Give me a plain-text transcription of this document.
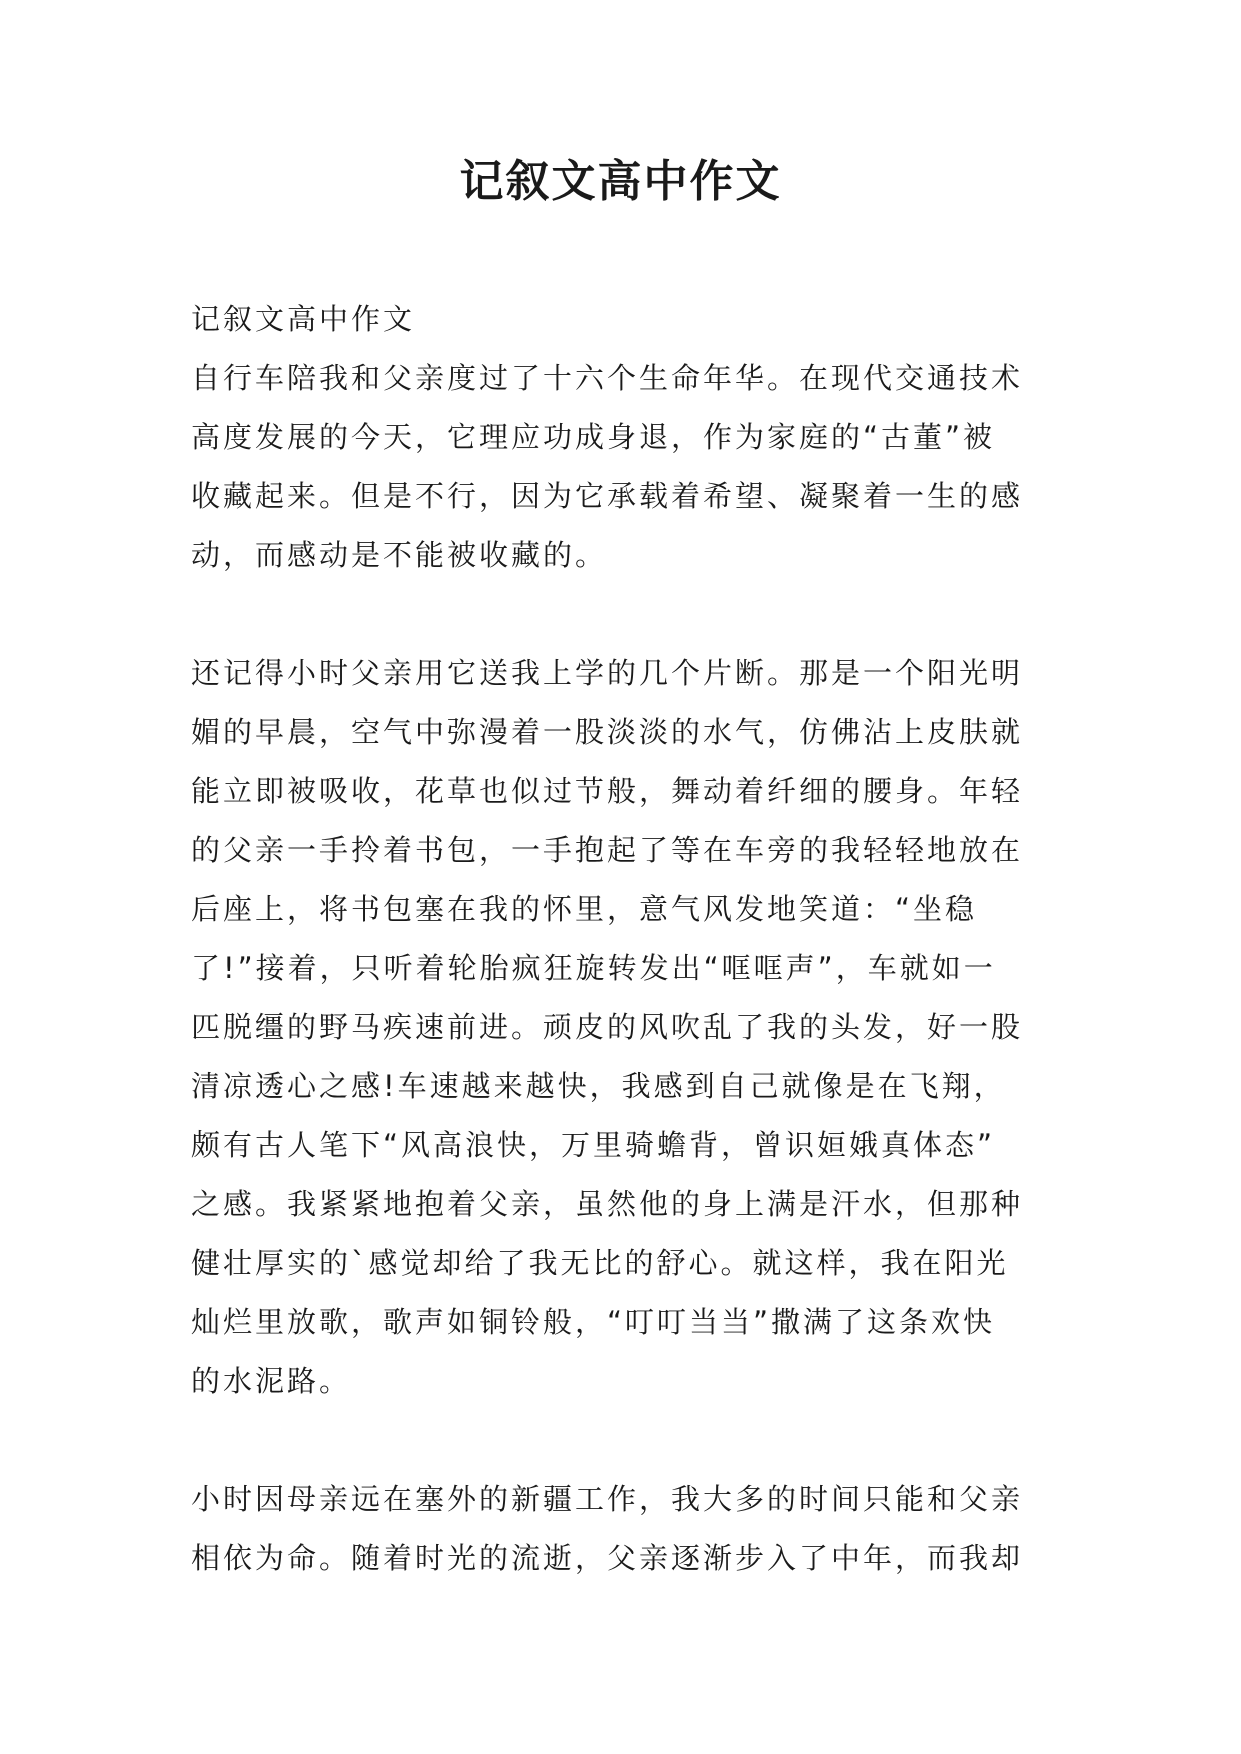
记叙文高中作文
记叙文高中作文
自行车陪我和父亲度过了十六个生命年华。在现代交通技术
高度发展的今天，它理应功成身退，作为家庭的“古董”被
收藏起来。但是不行，因为它承载着希望、凝聚着一生的感
动，而感动是不能被收藏的。
还记得小时父亲用它送我上学的几个片断。那是一个阳光明
媚的早晨，空气中弥漫着一股淡淡的水气，仿佛沾上皮肤就
能立即被吸收，花草也似过节般，舞动着纤细的腰身。年轻
的父亲一手拎着书包，一手抱起了等在车旁的我轻轻地放在
后座上，将书包塞在我的怀里，意气风发地笑道：“坐稳
了!”接着，只听着轮胎疯狂旋转发出“哐哐声”，车就如一
匹脱缰的野马疾速前进。顽皮的风吹乱了我的头发，好一股
清凉透心之感!车速越来越快，我感到自己就像是在飞翔，
颇有古人笔下“风高浪快，万里骑蟾背，曾识姮娥真体态”
之感。我紧紧地抱着父亲，虽然他的身上满是汗水，但那种
健壮厚实的`感觉却给了我无比的舒心。就这样，我在阳光
灿烂里放歌，歌声如铜铃般，“叮叮当当”撒满了这条欢快
的水泥路。
小时因母亲远在塞外的新疆工作，我大多的时间只能和父亲
相依为命。随着时光的流逝，父亲逐渐步入了中年，而我却
